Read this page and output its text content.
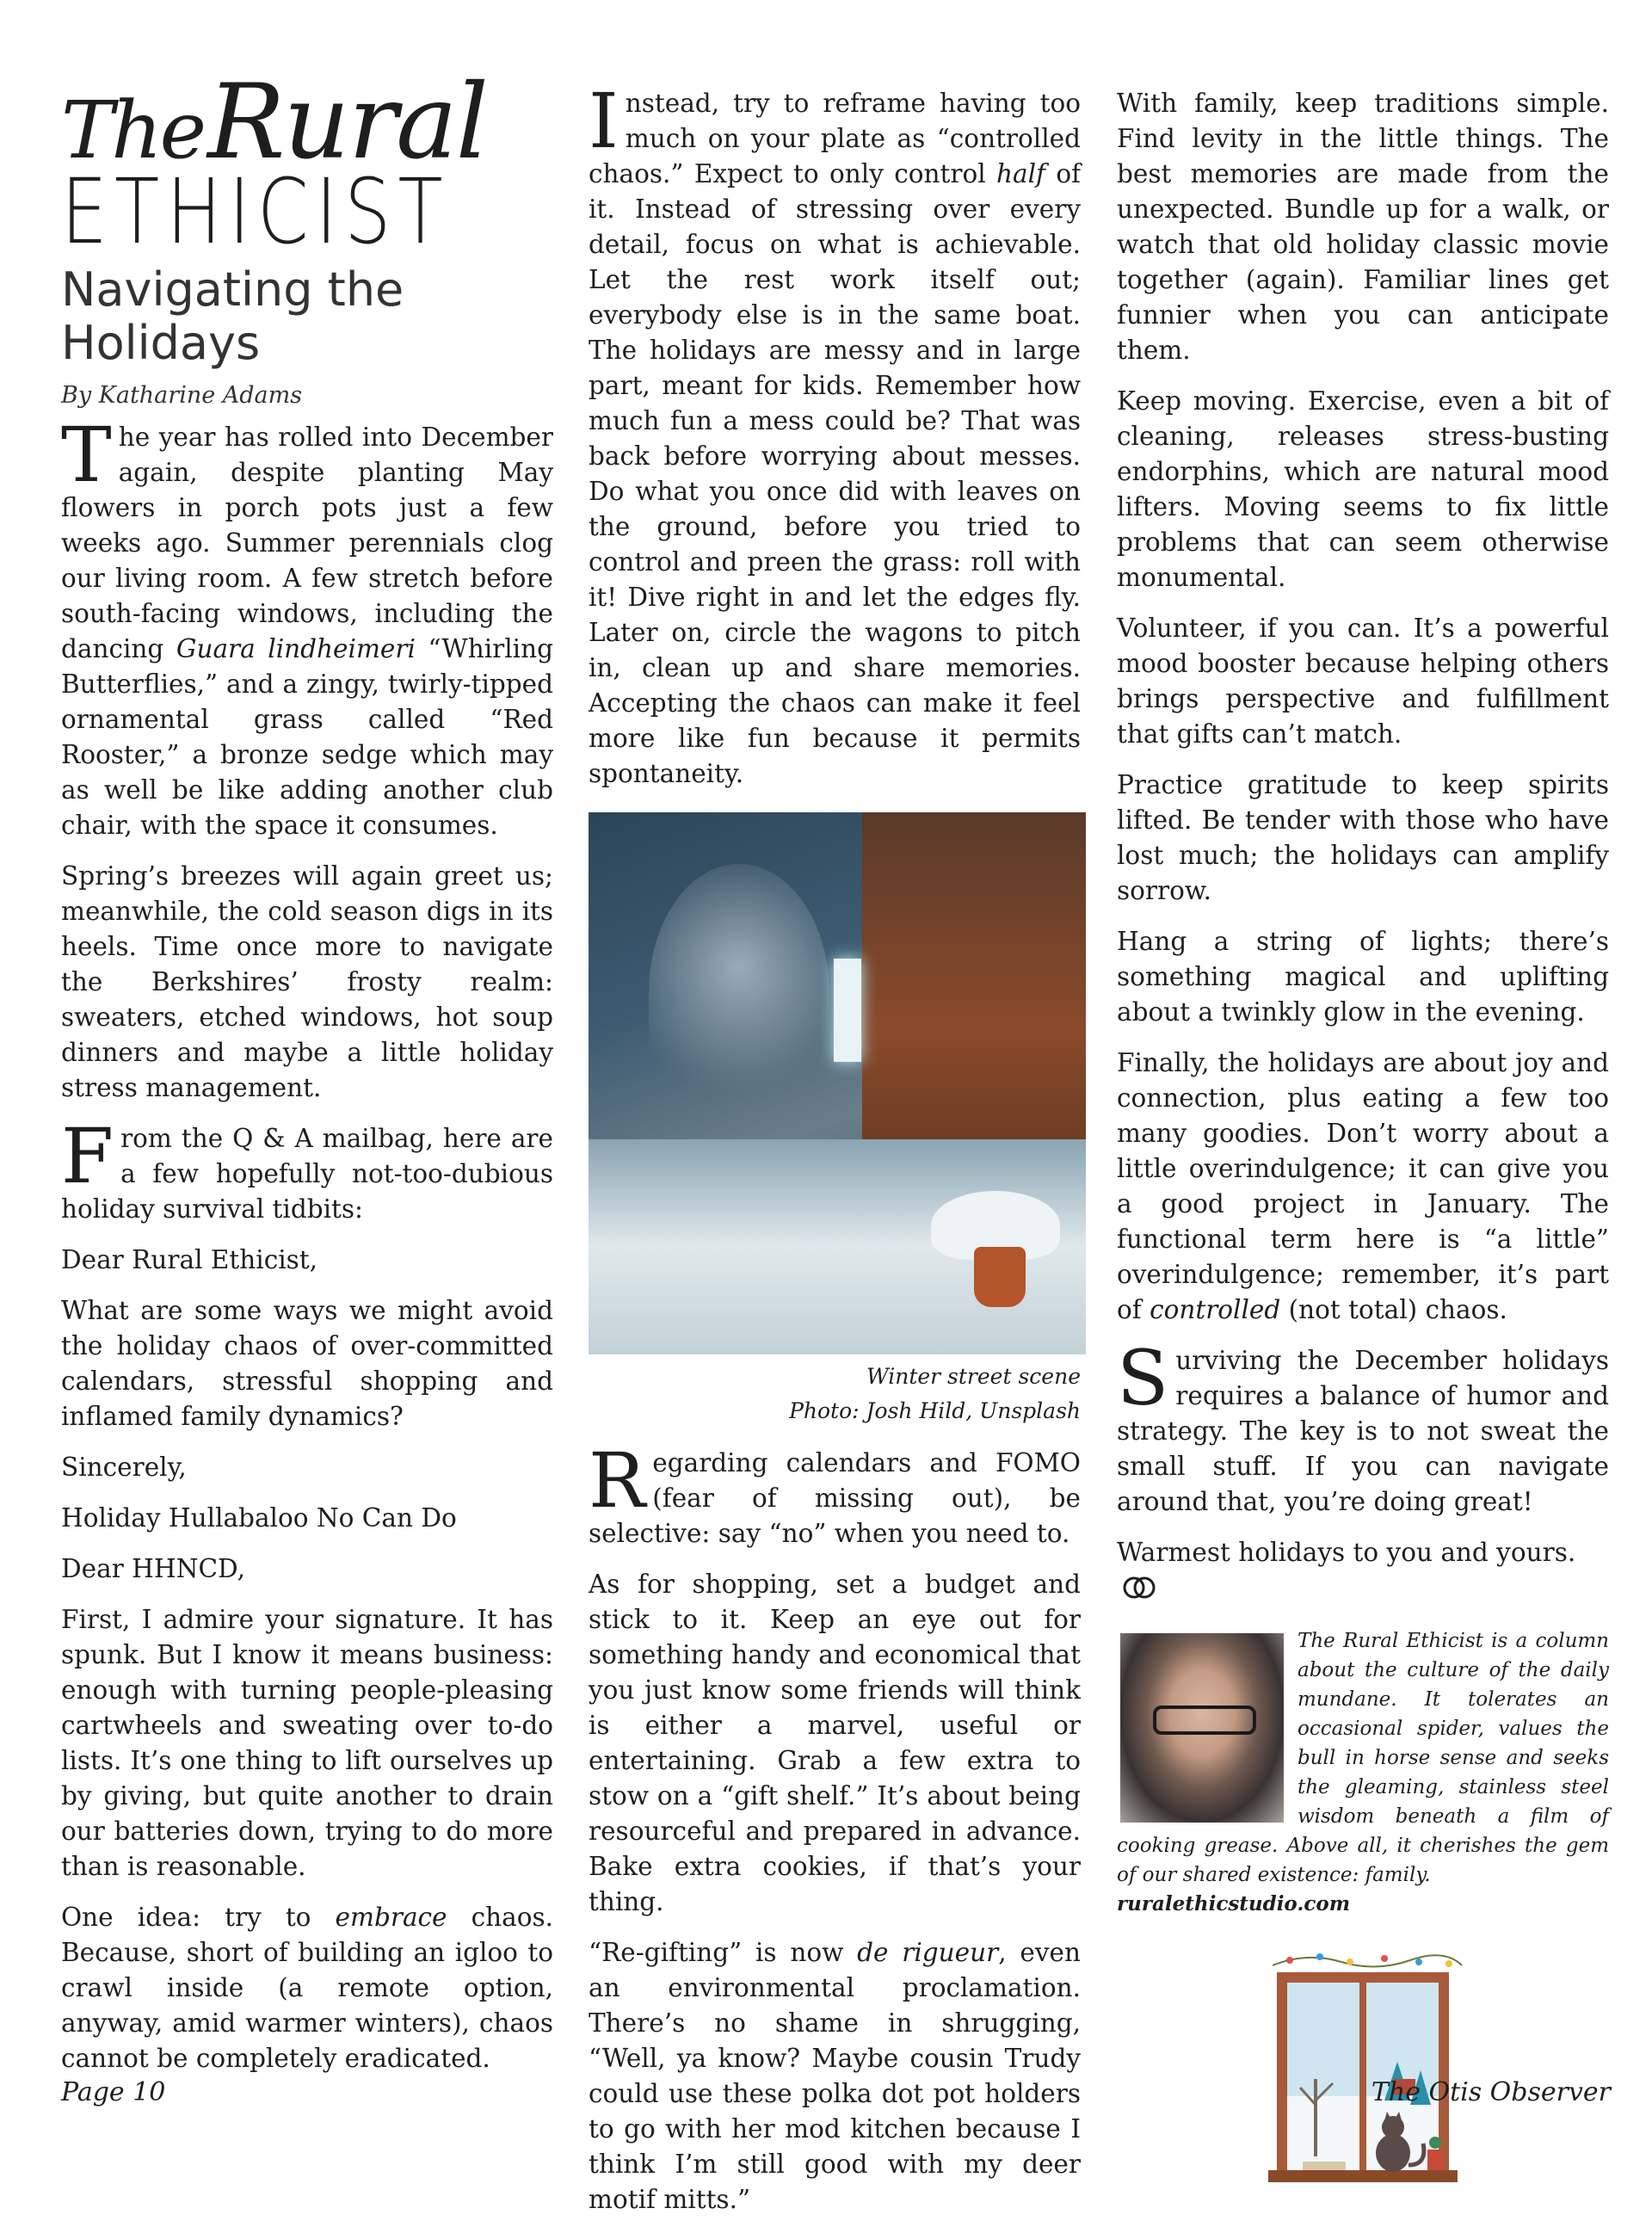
TheRural
ETHICIST
Navigating the Holidays
By Katharine Adams

The year has rolled into December again, despite planting May flowers in porch pots just a few weeks ago. Summer perennials clog our living room. A few stretch before south-facing windows, including the dancing Guara lindheimeri “Whirling Butterflies,” and a zingy, twirly-tipped ornamental grass called “Red Rooster,” a bronze sedge which may as well be like adding another club chair, with the space it consumes.

Spring’s breezes will again greet us; meanwhile, the cold season digs in its heels. Time once more to navigate the Berkshires’ frosty realm: sweaters, etched windows, hot soup dinners and maybe a little holiday stress management.

From the Q & A mailbag, here are a few hopefully not-too-dubious holiday survival tidbits:

Dear Rural Ethicist,

What are some ways we might avoid the holiday chaos of over-committed calendars, stressful shopping and inflamed family dynamics?

Sincerely,

Holiday Hullabaloo No Can Do

Dear HHNCD,

First, I admire your signature. It has spunk. But I know it means business: enough with turning people-pleasing cartwheels and sweating over to-do lists. It’s one thing to lift ourselves up by giving, but quite another to drain our batteries down, trying to do more than is reasonable.

One idea: try to embrace chaos. Because, short of building an igloo to crawl inside (a remote option, anyway, amid warmer winters), chaos cannot be completely eradicated.

Instead, try to reframe having too much on your plate as “controlled chaos.” Expect to only control half of it. Instead of stressing over every detail, focus on what is achievable. Let the rest work itself out; everybody else is in the same boat. The holidays are messy and in large part, meant for kids. Remember how much fun a mess could be? That was back before worrying about messes. Do what you once did with leaves on the ground, before you tried to control and preen the grass: roll with it! Dive right in and let the edges fly. Later on, circle the wagons to pitch in, clean up and share memories. Accepting the chaos can make it feel more like fun because it permits spontaneity.

Winter street scene

Photo: Josh Hild, Unsplash

Regarding calendars and FOMO (fear of missing out), be selective: say “no” when you need to.

As for shopping, set a budget and stick to it. Keep an eye out for something handy and economical that you just know some friends will think is either a marvel, useful or entertaining. Grab a few extra to stow on a “gift shelf.” It’s about being resourceful and prepared in advance. Bake extra cookies, if that’s your thing.

“Re-gifting” is now de rigueur, even an environmental proclamation. There’s no shame in shrugging, “Well, ya know? Maybe cousin Trudy could use these polka dot pot holders to go with her mod kitchen because I think I’m still good with my deer motif mitts.”

With family, keep traditions simple. Find levity in the little things. The best memories are made from the unexpected. Bundle up for a walk, or watch that old holiday classic movie together (again). Familiar lines get funnier when you can anticipate them.

Keep moving. Exercise, even a bit of cleaning, releases stress-busting endorphins, which are natural mood lifters. Moving seems to fix little problems that can seem otherwise monumental.

Volunteer, if you can. It’s a powerful mood booster because helping others brings perspective and fulfillment that gifts can’t match.

Practice gratitude to keep spirits lifted. Be tender with those who have lost much; the holidays can amplify sorrow.

Hang a string of lights; there’s something magical and uplifting about a twinkly glow in the evening.

Finally, the holidays are about joy and connection, plus eating a few too many goodies. Don’t worry about a little overindulgence; it can give you a good project in January. The functional term here is “a little” overindulgence; remember, it’s part of controlled (not total) chaos.

Surviving the December holidays requires a balance of humor and strategy. The key is to not sweat the small stuff. If you can navigate around that, you’re doing great!

Warmest holidays to you and yours.

The Rural Ethicist is a column about the culture of the daily mundane. It tolerates an occasional spider, values the bull in horse sense and seeks the gleaming, stainless steel wisdom beneath a film of cooking grease. Above all, it cherishes the gem of our shared existence: family.

ruralethicstudio.com

Page 10	The Otis Observer
